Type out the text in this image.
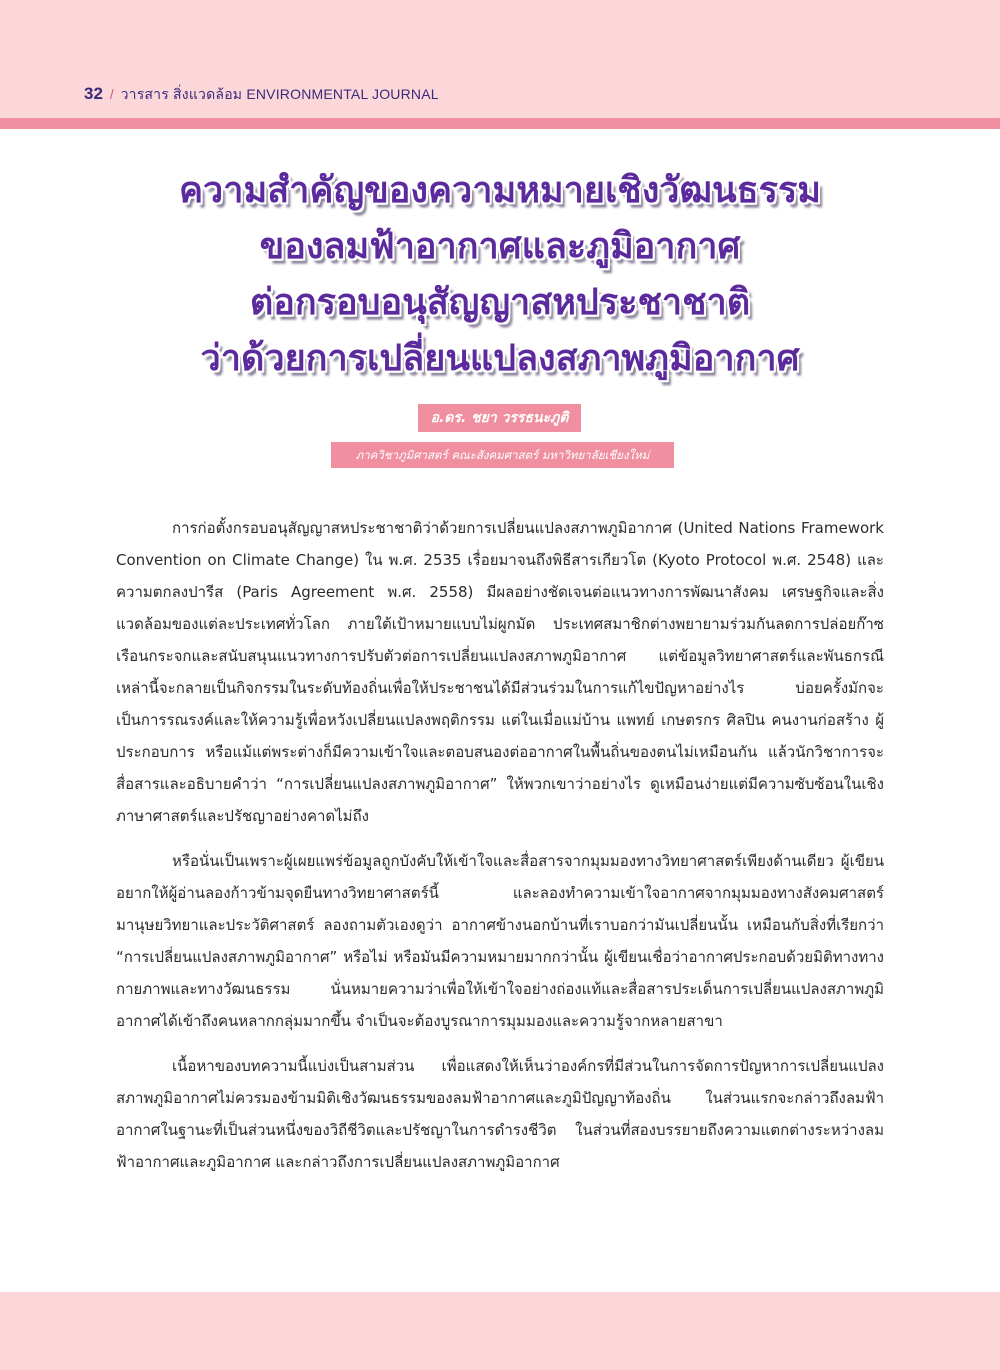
32 / วารสาร สิ่งแวดล้อม ENVIRONMENTAL JOURNAL
ความสำคัญของความหมายเชิงวัฒนธรรม
ของลมฟ้าอากาศและภูมิอากาศ
ต่อกรอบอนุสัญญาสหประชาชาติ
ว่าด้วยการเปลี่ยนแปลงสภาพภูมิอากาศ
อ.ดร. ชยา วรรธนะภูติ
ภาควิชาภูมิศาสตร์ คณะสังคมศาสตร์ มหาวิทยาลัยเชียงใหม่

การก่อตั้งกรอบอนุสัญญาสหประชาชาติว่าด้วยการเปลี่ยนแปลงสภาพภูมิอากาศ (United Nations Framework Convention on Climate Change) ใน พ.ศ. 2535 เรื่อยมาจนถึงพิธีสารเกียวโต (Kyoto Protocol พ.ศ. 2548) และความตกลงปารีส (Paris Agreement พ.ศ. 2558) มีผลอย่างชัดเจนต่อแนวทางการพัฒนาสังคม เศรษฐกิจและสิ่งแวดล้อมของแต่ละประเทศทั่วโลก ภายใต้เป้าหมายแบบไม่ผูกมัด ประเทศสมาชิกต่างพยายามร่วมกันลดการปล่อยก๊าซเรือนกระจกและสนับสนุนแนวทางการปรับตัวต่อการเปลี่ยนแปลงสภาพภูมิอากาศ แต่ข้อมูลวิทยาศาสตร์และพันธกรณีเหล่านี้จะกลายเป็นกิจกรรมในระดับท้องถิ่นเพื่อให้ประชาชนได้มีส่วนร่วมในการแก้ไขปัญหาอย่างไร บ่อยครั้งมักจะเป็นการรณรงค์และให้ความรู้เพื่อหวังเปลี่ยนแปลงพฤติกรรม แต่ในเมื่อแม่บ้าน แพทย์ เกษตรกร ศิลปิน คนงานก่อสร้าง ผู้ประกอบการ หรือแม้แต่พระต่างก็มีความเข้าใจและตอบสนองต่ออากาศในพื้นถิ่นของตนไม่เหมือนกัน แล้วนักวิชาการจะสื่อสารและอธิบายคำว่า “การเปลี่ยนแปลงสภาพภูมิอากาศ” ให้พวกเขาว่าอย่างไร ดูเหมือนง่ายแต่มีความซับซ้อนในเชิงภาษาศาสตร์และปรัชญาอย่างคาดไม่ถึง

หรือนั่นเป็นเพราะผู้เผยแพร่ข้อมูลถูกบังคับให้เข้าใจและสื่อสารจากมุมมองทางวิทยาศาสตร์เพียงด้านเดียว ผู้เขียนอยากให้ผู้อ่านลองก้าวข้ามจุดยืนทางวิทยาศาสตร์นี้ และลองทำความเข้าใจอากาศจากมุมมองทางสังคมศาสตร์ มานุษยวิทยาและประวัติศาสตร์ ลองถามตัวเองดูว่า อากาศข้างนอกบ้านที่เราบอกว่ามันเปลี่ยนนั้น เหมือนกับสิ่งที่เรียกว่า “การเปลี่ยนแปลงสภาพภูมิอากาศ” หรือไม่ หรือมันมีความหมายมากกว่านั้น ผู้เขียนเชื่อว่าอากาศประกอบด้วยมิติทางทางกายภาพและทางวัฒนธรรม นั่นหมายความว่าเพื่อให้เข้าใจอย่างถ่องแท้และสื่อสารประเด็นการเปลี่ยนแปลงสภาพภูมิอากาศได้เข้าถึงคนหลากกลุ่มมากขึ้น จำเป็นจะต้องบูรณาการมุมมองและความรู้จากหลายสาขา

เนื้อหาของบทความนี้แบ่งเป็นสามส่วน เพื่อแสดงให้เห็นว่าองค์กรที่มีส่วนในการจัดการปัญหาการเปลี่ยนแปลงสภาพภูมิอากาศไม่ควรมองข้ามมิติเชิงวัฒนธรรมของลมฟ้าอากาศและภูมิปัญญาท้องถิ่น ในส่วนแรกจะกล่าวถึงลมฟ้าอากาศในฐานะที่เป็นส่วนหนึ่งของวิถีชีวิตและปรัชญาในการดำรงชีวิต ในส่วนที่สองบรรยายถึงความแตกต่างระหว่างลมฟ้าอากาศและภูมิอากาศ และกล่าวถึงการเปลี่ยนแปลงสภาพภูมิอากาศ
